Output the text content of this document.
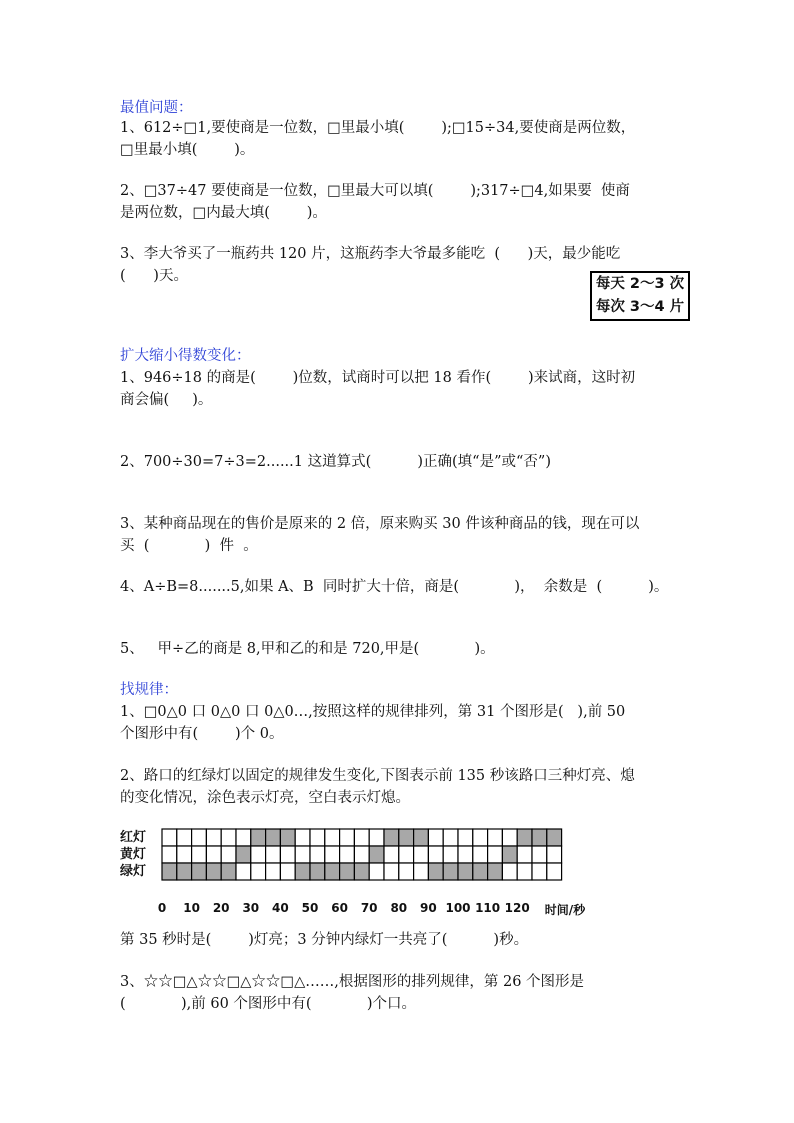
最值问题：
1、612÷□1,要使商是一位数，□里最小填(        );□15÷34,要使商是两位数，
□里最小填(        )。
2、□37÷47 要使商是一位数，□里最大可以填(        );317÷□4,如果要  使商
是两位数，□内最大填(        )。
3、李大爷买了一瓶药共 120 片，这瓶药李大爷最多能吃  (      )天，最少能吃
(      )天。	每天 2～3 次
每次 3～4 片
扩大缩小得数变化：
1、946÷18 的商是(        )位数，试商时可以把 18 看作(        )来试商，这时初
商会偏(     )。
2、700÷30=7÷3=2......1 这道算式(          )正确(填“是”或“否”)
3、某种商品现在的售价是原来的 2 倍，原来购买 30 件该种商品的钱，现在可以
买  (            )  件  。
4、A÷B=8.......5,如果 A、B  同时扩大十倍，商是(            )，  余数是  (          )。
5、   甲÷乙的商是 8,甲和乙的和是 720,甲是(            )。
找规律：
1、□0△0 口 0△0 口 0△0…,按照这样的规律排列，第 31 个图形是(   ),前 50
个图形中有(        )个 0。
2、路口的红绿灯以固定的规律发生变化,下图表示前 135 秒该路口三种灯亮、熄
的变化情况，涂色表示灯亮，空白表示灯熄。
红灯
黄灯
绿灯
0 10 20 30 40 50 60 70 80 90 100 110 120 时间/秒
第 35 秒时是(        )灯亮；3 分钟内绿灯一共亮了(          )秒。
3、☆☆□△☆☆□△☆☆□△……,根据图形的排列规律，第 26 个图形是
(            ),前 60 个图形中有(            )个口。
